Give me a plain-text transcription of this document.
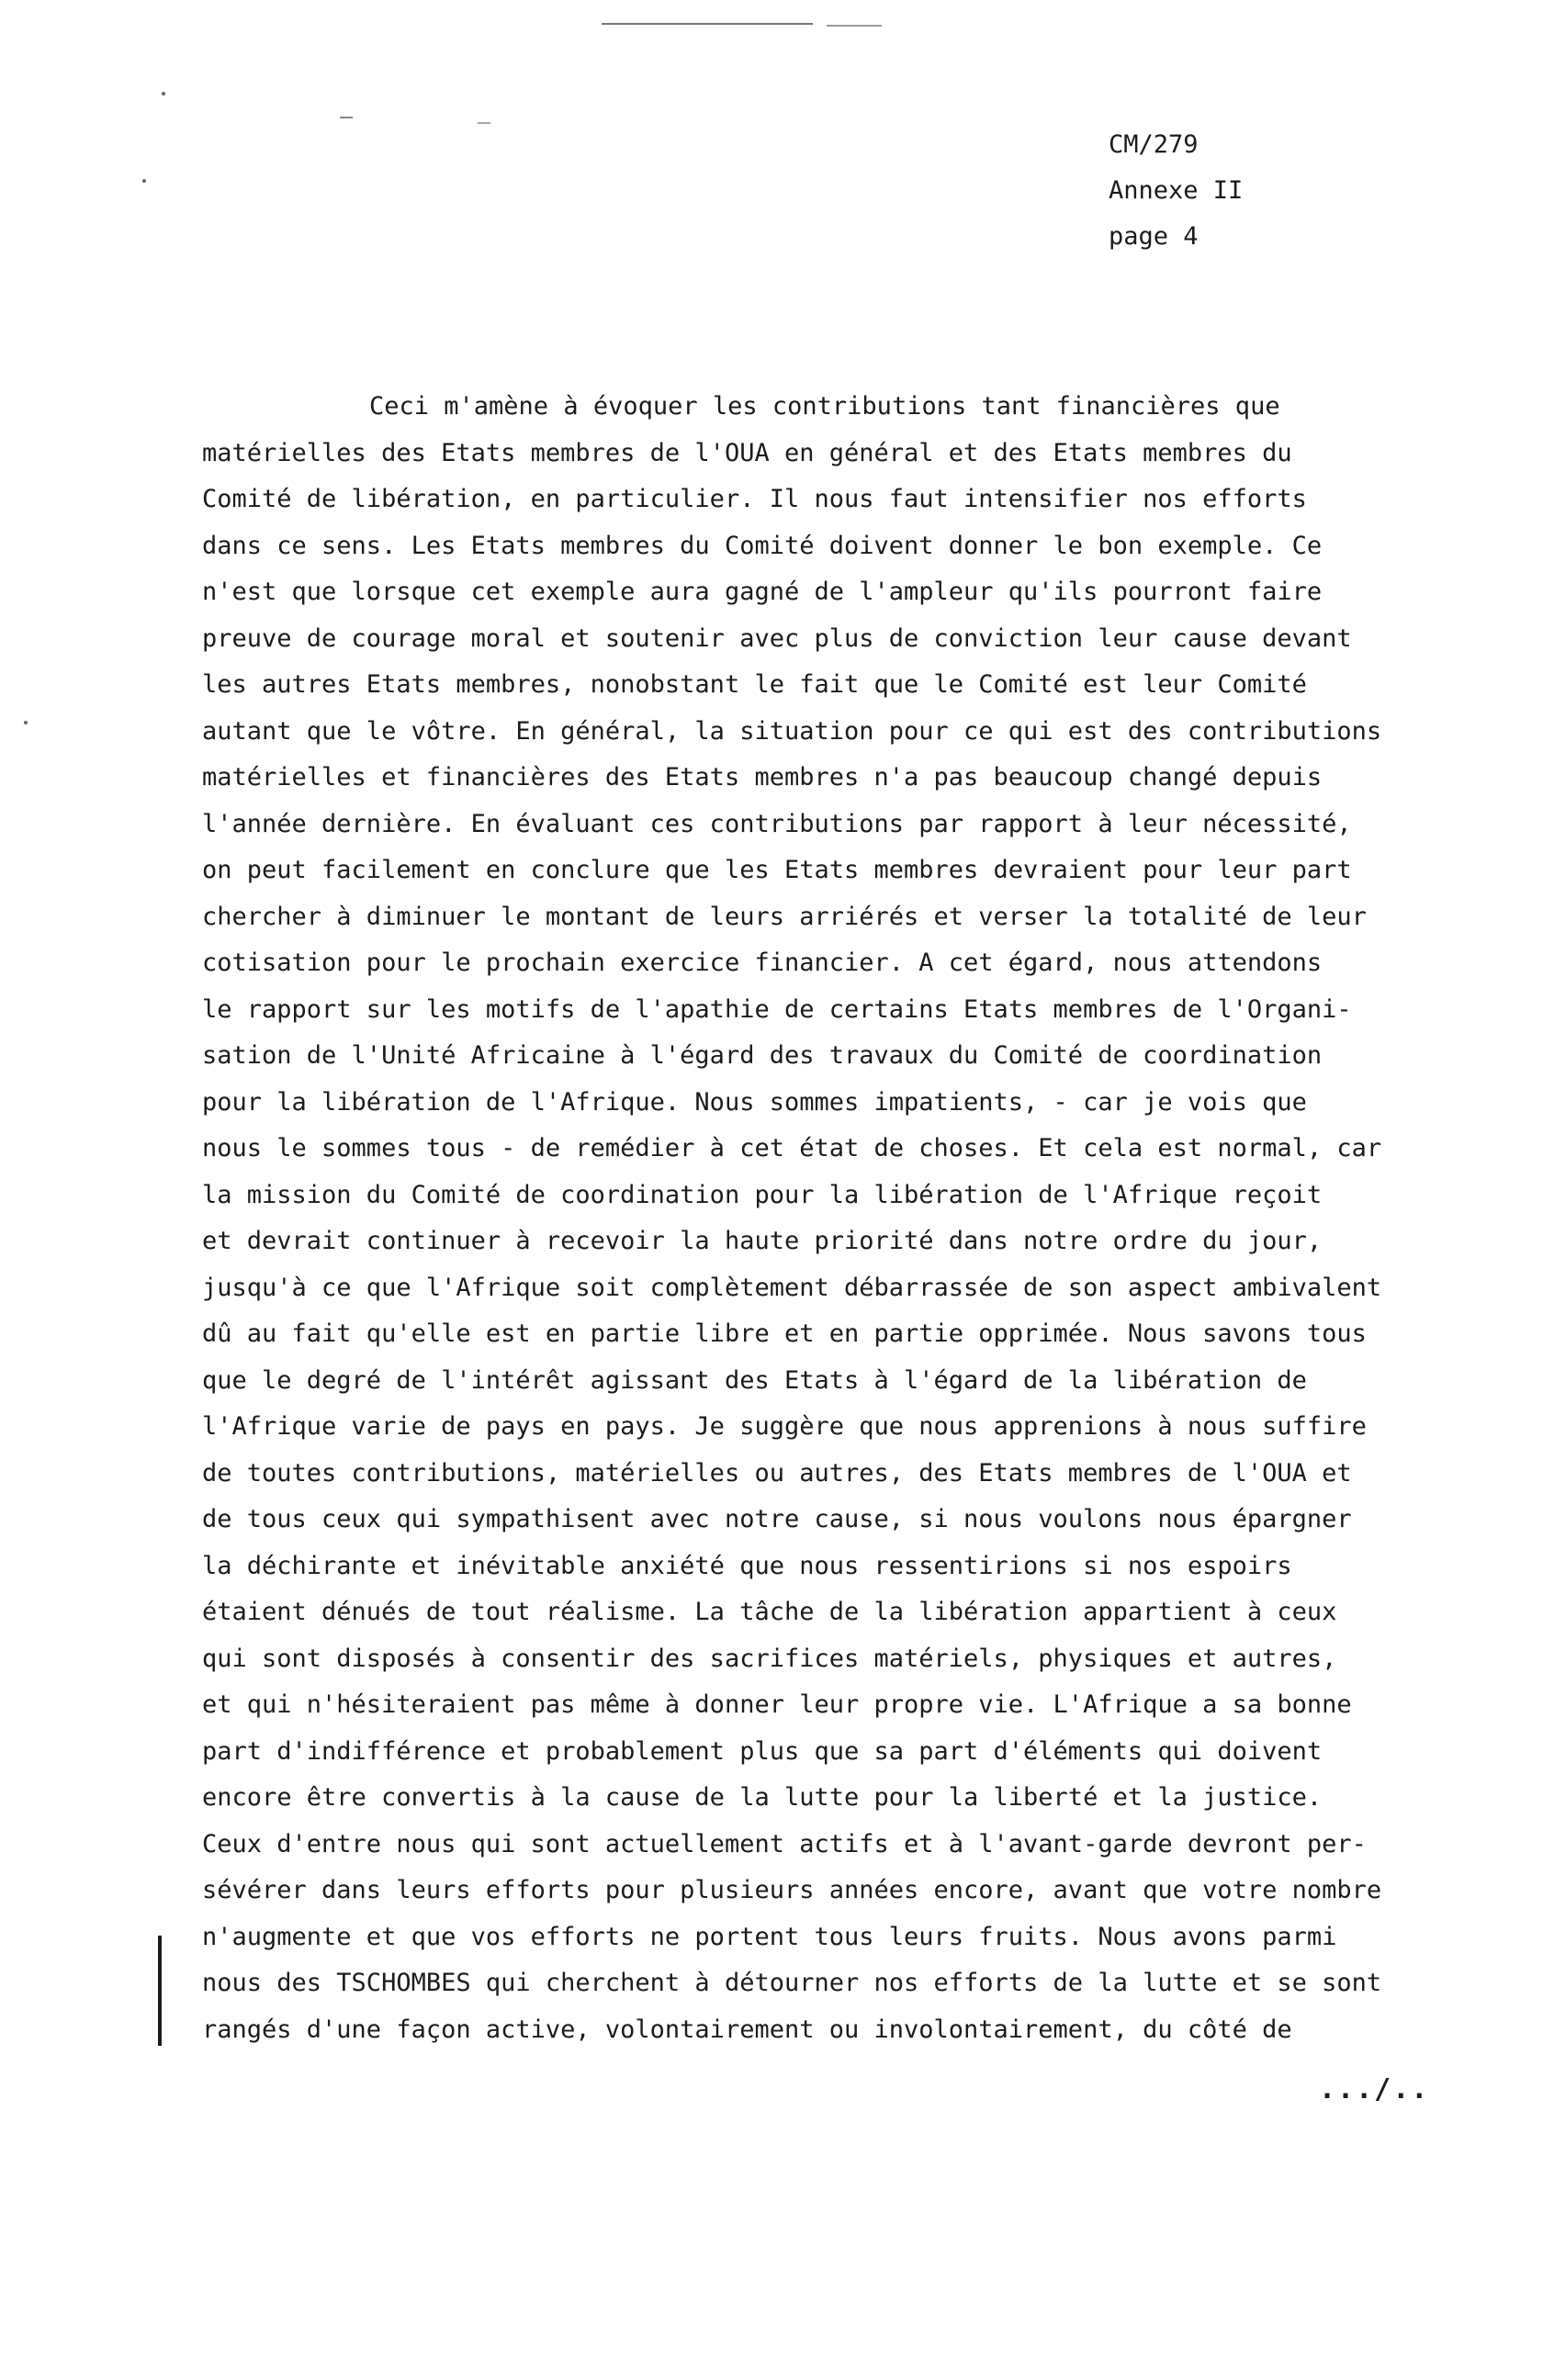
CM/279
Annexe II
page 4
Ceci m'amène à évoquer les contributions tant financières que
matérielles des Etats membres de l'OUA en général et des Etats membres du
Comité de libération, en particulier. Il nous faut intensifier nos efforts
dans ce sens. Les Etats membres du Comité doivent donner le bon exemple. Ce
n'est que lorsque cet exemple aura gagné de l'ampleur qu'ils pourront faire
preuve de courage moral et soutenir avec plus de conviction leur cause devant
les autres Etats membres, nonobstant le fait que le Comité est leur Comité
autant que le vôtre. En général, la situation pour ce qui est des contributions
matérielles et financières des Etats membres n'a pas beaucoup changé depuis
l'année dernière. En évaluant ces contributions par rapport à leur nécessité,
on peut facilement en conclure que les Etats membres devraient pour leur part
chercher à diminuer le montant de leurs arriérés et verser la totalité de leur
cotisation pour le prochain exercice financier. A cet égard, nous attendons
le rapport sur les motifs de l'apathie de certains Etats membres de l'Organi-
sation de l'Unité Africaine à l'égard des travaux du Comité de coordination
pour la libération de l'Afrique. Nous sommes impatients, - car je vois que
nous le sommes tous - de remédier à cet état de choses. Et cela est normal, car
la mission du Comité de coordination pour la libération de l'Afrique reçoit
et devrait continuer à recevoir la haute priorité dans notre ordre du jour,
jusqu'à ce que l'Afrique soit complètement débarrassée de son aspect ambivalent
dû au fait qu'elle est en partie libre et en partie opprimée. Nous savons tous
que le degré de l'intérêt agissant des Etats à l'égard de la libération de
l'Afrique varie de pays en pays. Je suggère que nous apprenions à nous suffire
de toutes contributions, matérielles ou autres, des Etats membres de l'OUA et
de tous ceux qui sympathisent avec notre cause, si nous voulons nous épargner
la déchirante et inévitable anxiété que nous ressentirions si nos espoirs
étaient dénués de tout réalisme. La tâche de la libération appartient à ceux
qui sont disposés à consentir des sacrifices matériels, physiques et autres,
et qui n'hésiteraient pas même à donner leur propre vie. L'Afrique a sa bonne
part d'indifférence et probablement plus que sa part d'éléments qui doivent
encore être convertis à la cause de la lutte pour la liberté et la justice.
Ceux d'entre nous qui sont actuellement actifs et à l'avant-garde devront per-
sévérer dans leurs efforts pour plusieurs années encore, avant que votre nombre
n'augmente et que vos efforts ne portent tous leurs fruits. Nous avons parmi
nous des TSCHOMBES qui cherchent à détourner nos efforts de la lutte et se sont
rangés d'une façon active, volontairement ou involontairement, du côté de
.../..
